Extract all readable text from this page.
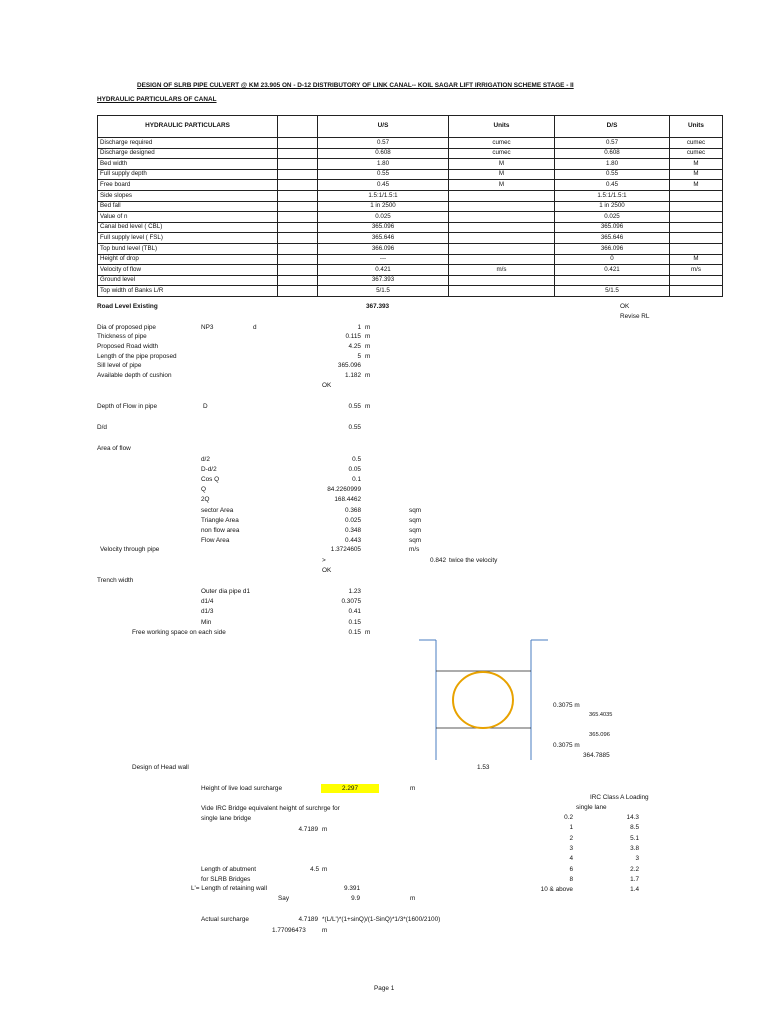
DESIGN OF SLRB PIPE CULVERT @ KM 23.905 ON - D-12 DISTRIBUTORY OF LINK CANAL-- KOIL SAGAR LIFT IRRIGATION SCHEME STAGE - II
HYDRAULIC PARTICULARS OF CANAL
HYDRAULIC PARTICULARS		U/S	Units	D/S	Units
Discharge required		0.57	cumec	0.57	cumec
Discharge designed		0.608	cumec	0.608	cumec
Bed width		1.80	M	1.80	M
Full supply depth		0.55	M	0.55	M
Free board		0.45	M	0.45	M
Side slopes		1.5:1/1.5:1		1.5:1/1.5:1	
Bed fall		1 in 2500		1 in 2500	
Value of n		0.025		0.025	
Canal bed level ( CBL)		365.096		365.096	
Full supply level ( FSL)		365.646		365.646	
Top bund level (TBL)		366.096		366.096	
Height of drop		---		0	M
Velocity of flow		0.421	m/s	0.421	m/s
Ground level		367.393			
Top width of Banks L/R		5/1.5		5/1.5	
Road Level Existing	367.393	OK
Revise RL
Dia of proposed pipe	NP3	d	1 m
Thickness of pipe	0.115 m
Proposed Road width	4.25 m
Length of the pipe proposed	5 m
Sill level of pipe	365.096
Available depth of cushion	1.182 m
OK
Depth of Flow in pipe	D	0.55 m
D/d	0.55
Area of flow
d/2	0.5
D-d/2	0.05
Cos Q	0.1
Q	84.2260999
2Q	168.4462
sector Area	0.368	sqm
Triangle Area	0.025	sqm
non flow area	0.348	sqm
Flow Area	0.443	sqm
Velocity through pipe	1.3724605	m/s
>	0.842 twice the velocity
OK
Trench width
Outer dia pipe d1	1.23
d1/4	0.3075
d1/3	0.41
Min	0.15
Free working space on each side	0.15 m
0.3075 m
365.4035
365.096
0.3075 m
364.7885
1.53
Design of Head wall
Height of live load surcharge	2.297	m
Vide IRC Bridge equivalent height of surchrge for
single lane bridge
4.7189 m
Length of abutment	4.5 m
for SLRB Bridges
L'= Length of retaining wall	9.391
Say	9.9	m
Actual surcharge	4.7189 *(L/L')*(1+sinQ)/(1-SinQ)*1/3*(1600/2100)
1.77096473	m
IRC Class A Loading
single lane
0.2	14.3
1	8.5
2	5.1
3	3.8
4	3
6	2.2
8	1.7
10 & above	1.4
Page 1
